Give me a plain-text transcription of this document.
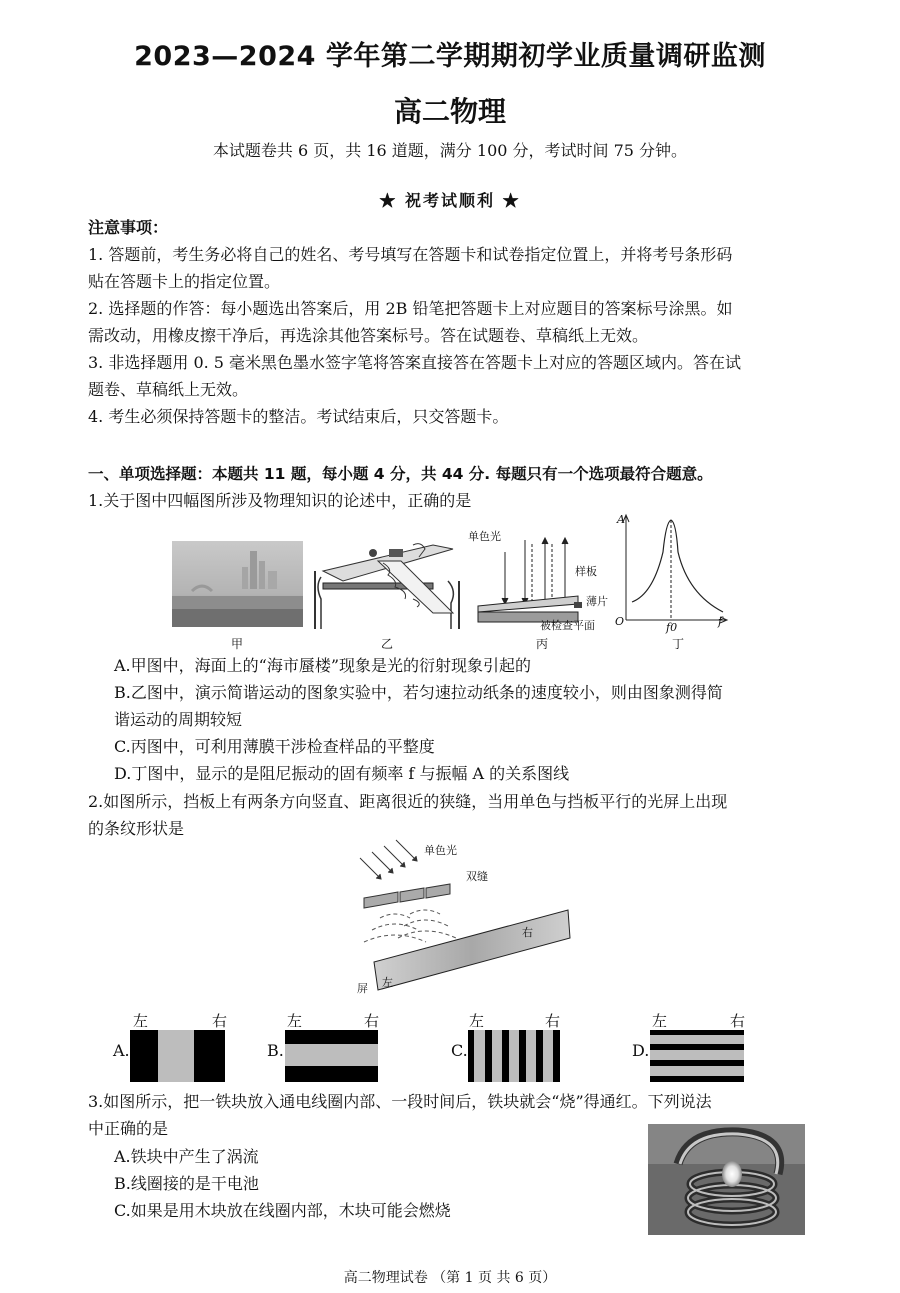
2023—2024 学年第二学期期初学业质量调研监测
高二物理
本试题卷共 6 页，共 16 道题，满分 100 分，考试时间 75 分钟。
★ 祝考试顺利 ★
注意事项：
1. 答题前，考生务必将自己的姓名、考号填写在答题卡和试卷指定位置上，并将考号条形码
贴在答题卡上的指定位置。
2. 选择题的作答：每小题选出答案后，用 2B 铅笔把答题卡上对应题目的答案标号涂黑。如
需改动，用橡皮擦干净后，再选涂其他答案标号。答在试题卷、草稿纸上无效。
3. 非选择题用 0. 5 毫米黑色墨水签字笔将答案直接答在答题卡上对应的答题区域内。答在试
题卷、草稿纸上无效。
4. 考生必须保持答题卡的整洁。考试结束后，只交答题卡。
一、单项选择题：本题共 11 题，每小题 4 分，共 44 分. 每题只有一个选项最符合题意。
1.关于图中四幅图所涉及物理知识的论述中，正确的是
甲	乙
单色光
样板
薄片
被检查平面
丙
A
O	f0	f
丁
A.甲图中，海面上的“海市蜃楼”现象是光的衍射现象引起的
B.乙图中，演示简谐运动的图象实验中，若匀速拉动纸条的速度较小，则由图象测得简
谐运动的周期较短
C.丙图中，可利用薄膜干涉检查样品的平整度
D.丁图中，显示的是阻尼振动的固有频率 f 与振幅 A 的关系图线
2.如图所示，挡板上有两条方向竖直、距离很近的狭缝，当用单色与挡板平行的光屏上出现
的条纹形状是
单色光
双缝
屏 左
右
A.
左	右
B.
左	右
C.
左	右
D.
左	右
3.如图所示，把一铁块放入通电线圈内部、一段时间后，铁块就会“烧”得通红。下列说法
中正确的是
A.铁块中产生了涡流
B.线圈接的是干电池
C.如果是用木块放在线圈内部，木块可能会燃烧
高二物理试卷 （第 1 页 共 6 页）
